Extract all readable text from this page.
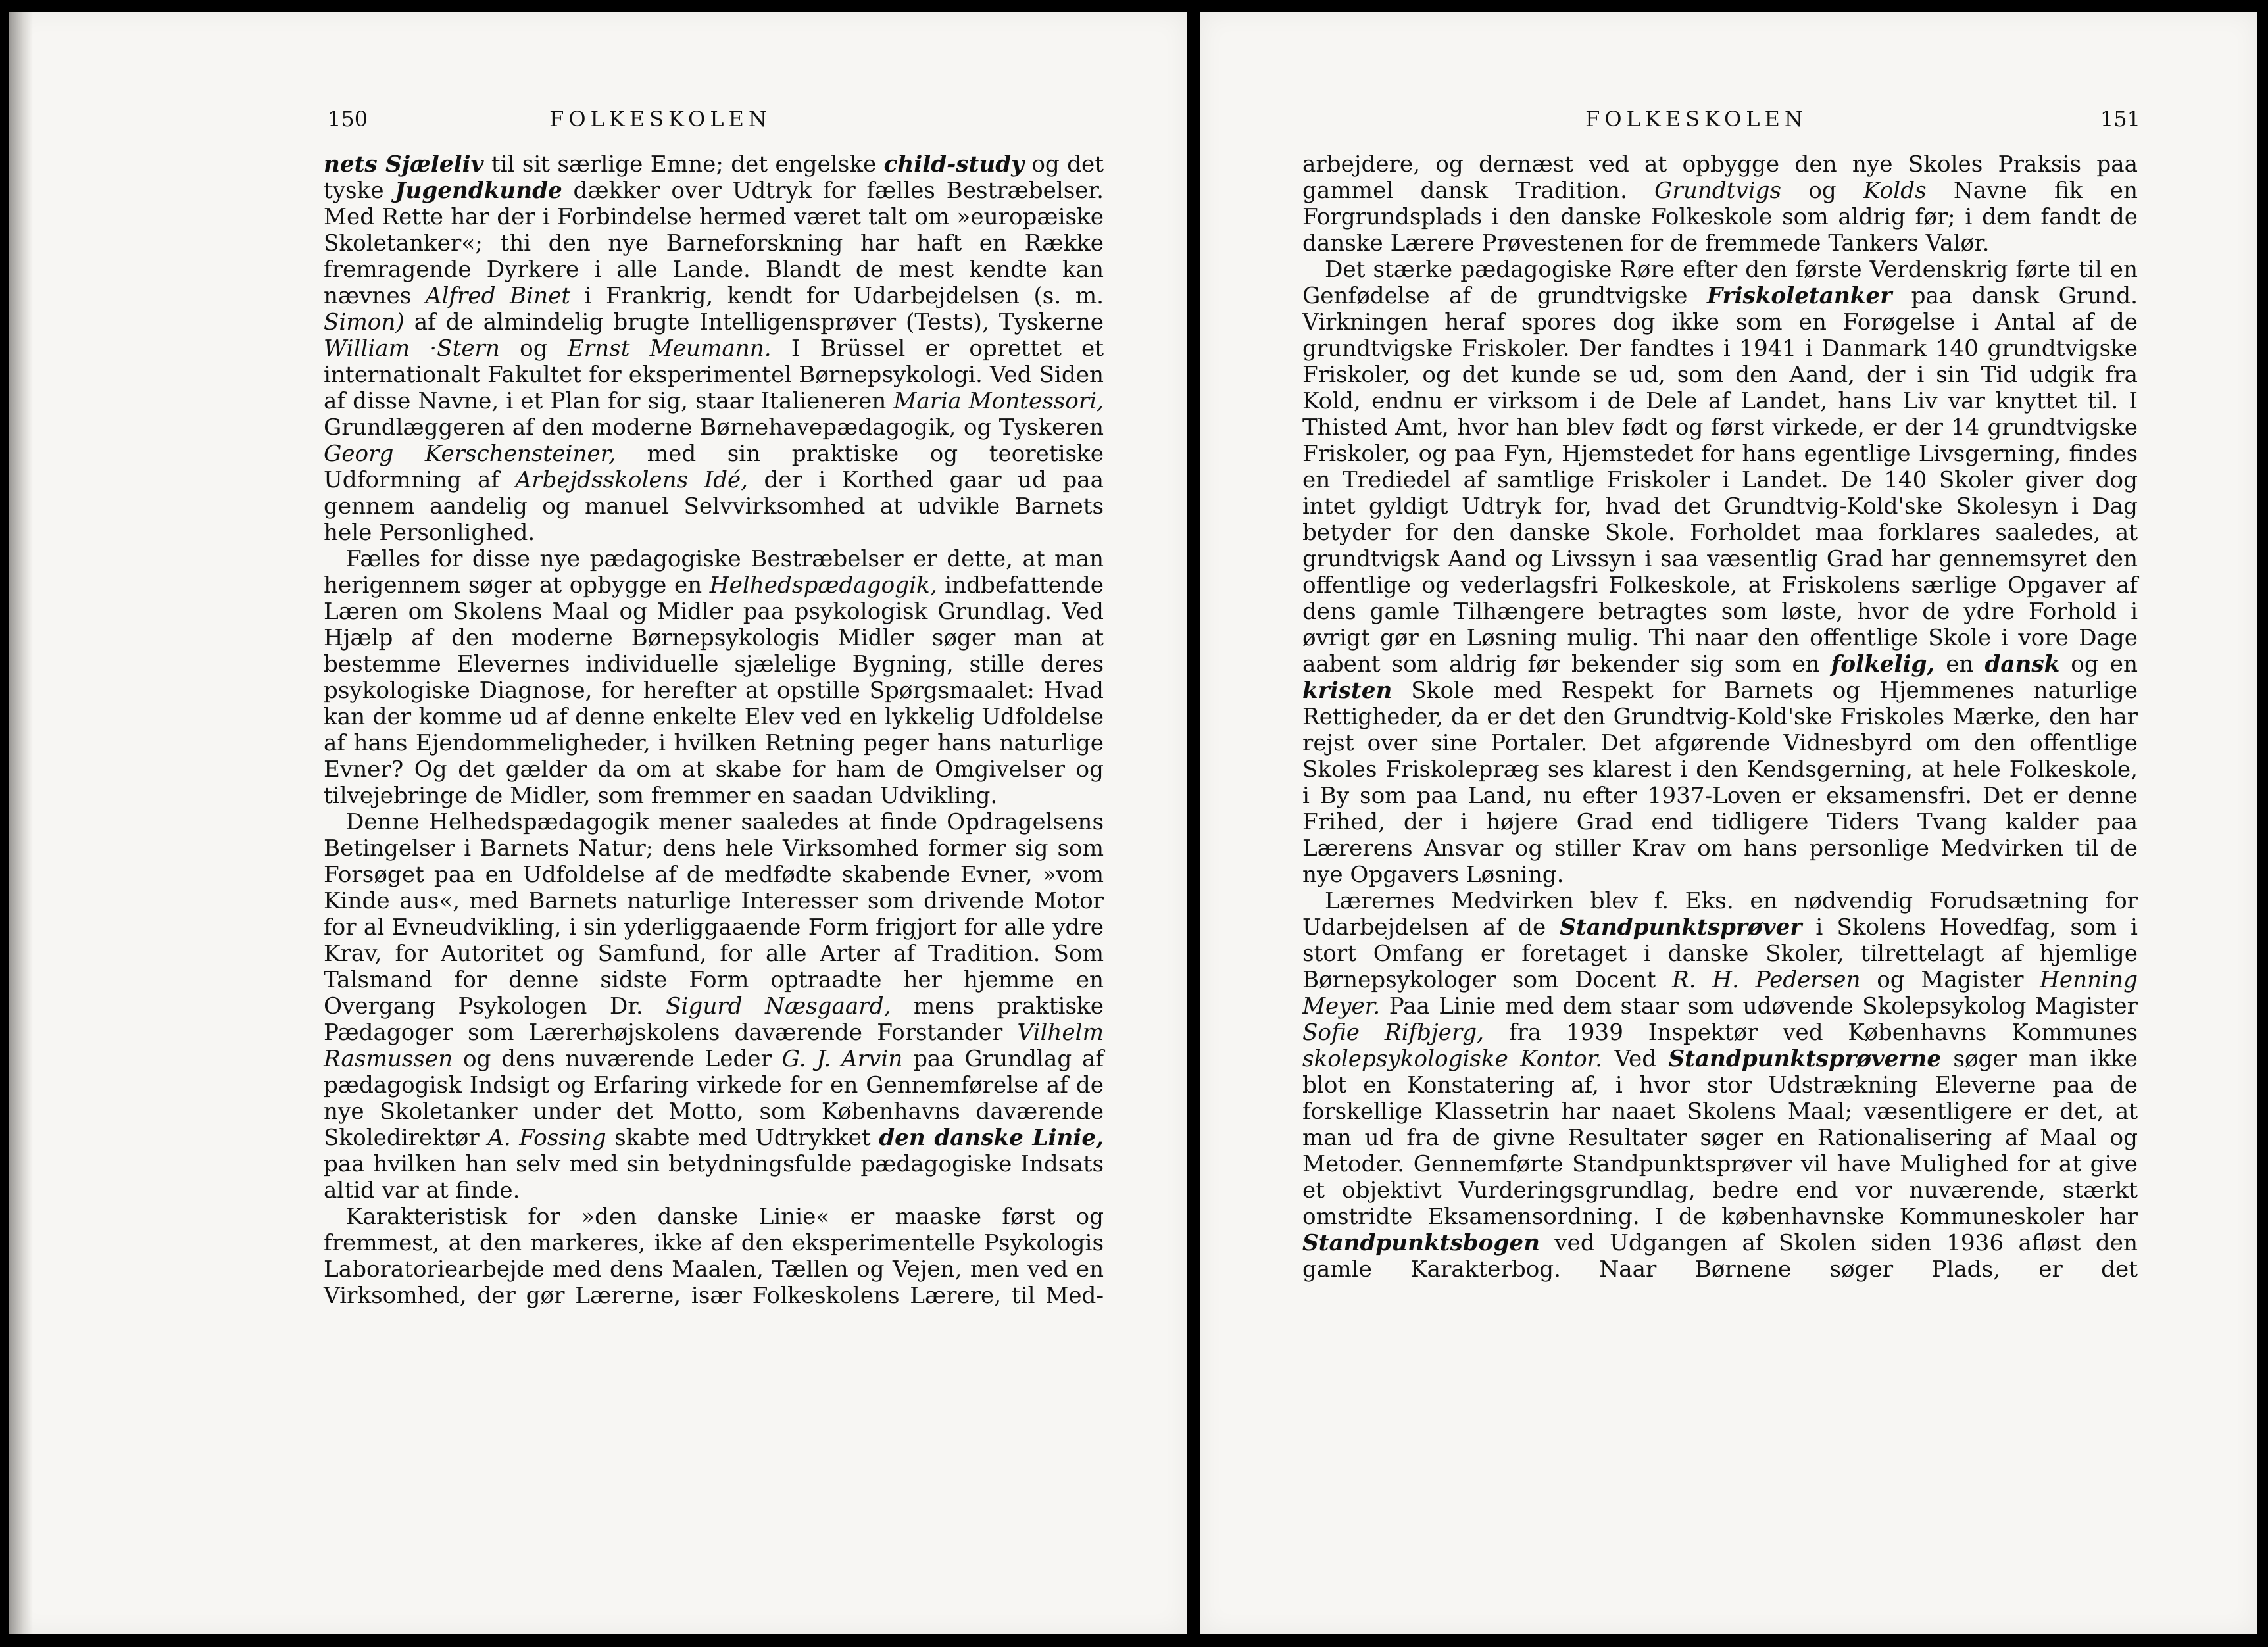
150	FOLKESKOLEN

nets Sjæleliv til sit særlige Emne; det engelske child-study og det tyske Jugendkunde dækker over Udtryk for fælles Bestræbelser. Med Rette har der i Forbindelse hermed været talt om »europæiske Skoletanker«; thi den nye Barneforskning har haft en Række fremragende Dyrkere i alle Lande. Blandt de mest kendte kan nævnes Alfred Binet i Frankrig, kendt for Udarbejdelsen (s. m. Simon) af de almindelig brugte Intelligensprøver (Tests), Tyskerne William ·Stern og Ernst Meumann. I Brüssel er oprettet et internationalt Fakultet for eksperimentel Børnepsykologi. Ved Siden af disse Navne, i et Plan for sig, staar Italieneren Maria Montessori, Grundlæggeren af den moderne Børnehavepædagogik, og Tyskeren Georg Kerschensteiner, med sin praktiske og teoretiske Udformning af Arbejdsskolens Idé, der i Korthed gaar ud paa gennem aandelig og manuel Selvvirksomhed at udvikle Barnets hele Personlighed.

Fælles for disse nye pædagogiske Bestræbelser er dette, at man herigennem søger at opbygge en Helhedspædagogik, indbefattende Læren om Skolens Maal og Midler paa psykologisk Grundlag. Ved Hjælp af den moderne Børnepsykologis Midler søger man at bestemme Elevernes individuelle sjælelige Bygning, stille deres psykologiske Diagnose, for herefter at opstille Spørgsmaalet: Hvad kan der komme ud af denne enkelte Elev ved en lykkelig Udfoldelse af hans Ejendommeligheder, i hvilken Retning peger hans naturlige Evner? Og det gælder da om at skabe for ham de Omgivelser og tilvejebringe de Midler, som fremmer en saadan Udvikling.

Denne Helhedspædagogik mener saaledes at finde Opdragelsens Betingelser i Barnets Natur; dens hele Virksomhed former sig som Forsøget paa en Udfoldelse af de medfødte skabende Evner, »vom Kinde aus«, med Barnets naturlige Interesser som drivende Motor for al Evneudvikling, i sin yderliggaaende Form frigjort for alle ydre Krav, for Autoritet og Samfund, for alle Arter af Tradition. Som Talsmand for denne sidste Form optraadte her hjemme en Overgang Psykologen Dr. Sigurd Næsgaard, mens praktiske Pædagoger som Lærerhøjskolens daværende Forstander Vilhelm Rasmussen og dens nuværende Leder G. J. Arvin paa Grundlag af pædagogisk Indsigt og Erfaring virkede for en Gennemførelse af de nye Skoletanker under det Motto, som Københavns daværende Skoledirektør A. Fossing skabte med Udtrykket den danske Linie, paa hvilken han selv med sin betydningsfulde pædagogiske Indsats altid var at finde.

Karakteristisk for »den danske Linie« er maaske først og fremmest, at den markeres, ikke af den eksperimentelle Psykologis Laboratoriearbejde med dens Maalen, Tællen og Vejen, men ved en Virksomhed, der gør Lærerne, især Folkeskolens Lærere, til Med-

FOLKESKOLEN	151

arbejdere, og dernæst ved at opbygge den nye Skoles Praksis paa gammel dansk Tradition. Grundtvigs og Kolds Navne fik en Forgrundsplads i den danske Folkeskole som aldrig før; i dem fandt de danske Lærere Prøvestenen for de fremmede Tankers Valør.

Det stærke pædagogiske Røre efter den første Verdenskrig førte til en Genfødelse af de grundtvigske Friskoletanker paa dansk Grund. Virkningen heraf spores dog ikke som en Forøgelse i Antal af de grundtvigske Friskoler. Der fandtes i 1941 i Danmark 140 grundtvigske Friskoler, og det kunde se ud, som den Aand, der i sin Tid udgik fra Kold, endnu er virksom i de Dele af Landet, hans Liv var knyttet til. I Thisted Amt, hvor han blev født og først virkede, er der 14 grundtvigske Friskoler, og paa Fyn, Hjemstedet for hans egentlige Livsgerning, findes en Trediedel af samtlige Friskoler i Landet. De 140 Skoler giver dog intet gyldigt Udtryk for, hvad det Grundtvig-Kold'ske Skolesyn i Dag betyder for den danske Skole. Forholdet maa forklares saaledes, at grundtvigsk Aand og Livssyn i saa væsentlig Grad har gennemsyret den offentlige og vederlagsfri Folkeskole, at Friskolens særlige Opgaver af dens gamle Tilhængere betragtes som løste, hvor de ydre Forhold i øvrigt gør en Løsning mulig. Thi naar den offentlige Skole i vore Dage aabent som aldrig før bekender sig som en folkelig, en dansk og en kristen Skole med Respekt for Barnets og Hjemmenes naturlige Rettigheder, da er det den Grundtvig-Kold'ske Friskoles Mærke, den har rejst over sine Portaler. Det afgørende Vidnesbyrd om den offentlige Skoles Friskolepræg ses klarest i den Kendsgerning, at hele Folkeskole, i By som paa Land, nu efter 1937-Loven er eksamensfri. Det er denne Frihed, der i højere Grad end tidligere Tiders Tvang kalder paa Lærerens Ansvar og stiller Krav om hans personlige Medvirken til de nye Opgavers Løsning.

Lærernes Medvirken blev f. Eks. en nødvendig Forudsætning for Udarbejdelsen af de Standpunktsprøver i Skolens Hovedfag, som i stort Omfang er foretaget i danske Skoler, tilrettelagt af hjemlige Børnepsykologer som Docent R. H. Pedersen og Magister Henning Meyer. Paa Linie med dem staar som udøvende Skolepsykolog Magister Sofie Rifbjerg, fra 1939 Inspektør ved Københavns Kommunes skolepsykologiske Kontor. Ved Standpunktsprøverne søger man ikke blot en Konstatering af, i hvor stor Udstrækning Eleverne paa de forskellige Klassetrin har naaet Skolens Maal; væsentligere er det, at man ud fra de givne Resultater søger en Rationalisering af Maal og Metoder. Gennemførte Standpunktsprøver vil have Mulighed for at give et objektivt Vurderingsgrundlag, bedre end vor nuværende, stærkt omstridte Eksamensordning. I de københavnske Kommuneskoler har Standpunktsbogen ved Udgangen af Skolen siden 1936 afløst den gamle Karakterbog. Naar Børnene søger Plads, er det
